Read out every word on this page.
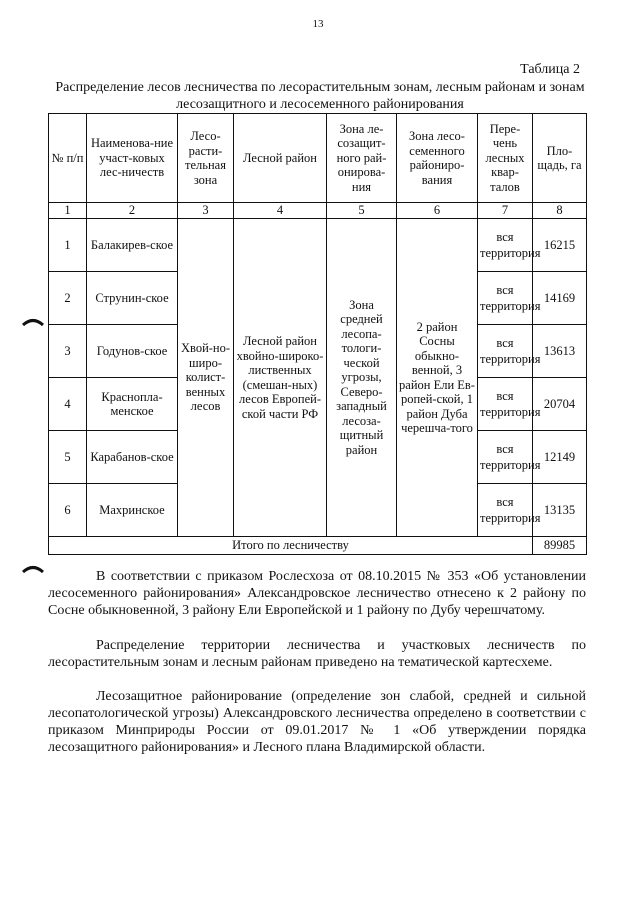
13
Таблица 2
Распределение лесов лесничества по лесорастительным зонам, лесным районам и зонам лесозащитного и лесосеменного районирования
№ п/п	Наименова-ние участ-ковых лес-ничеств	Лесо-расти-тельная зона	Лесной район	Зона ле-созащит-ного рай-онирова-ния	Зона лесо-семенного райониро-вания	Пере-чень лесных квар-талов	Пло-щадь, га
1	2	3	4	5	6	7	8
1	Балакирев-ское	Хвой-но-широ-колист-венных лесов	Лесной район хвойно-широко-лиственных (смешан-ных) лесов Европей-ской части РФ	Зона средней лесопа-тологи-ческой угрозы, Северо-западный лесоза-щитный район	2 район Сосны обыкно-венной, 3 район Ели Ев-ропей-ской, 1 район Дуба черешча-того	вся территория	16215
2	Струнин-ское					вся территория	14169
3	Годунов-ское					вся территория	13613
4	Краснопла-менское					вся территория	20704
5	Карабанов-ское					вся территория	12149
6	Махринское					вся территория	13135
Итого по лесничеству							89985
В соответствии с приказом Рослесхоза от 08.10.2015 № 353 «Об установлении лесосеменного районирования» Александровское лесничество отнесено к 2 району по Сосне обыкновенной, 3 району Ели Европейской и 1 району по Дубу черешчатому.
Распределение территории лесничества и участковых лесничеств по лесорастительным зонам и лесным районам приведено на тематической картесхеме.
Лесозащитное районирование (определение зон слабой, средней и сильной лесопатологической угрозы) Александровского лесничества определено в соответствии с приказом Минприроды России от 09.01.2017 № 1 «Об утверждении порядка лесозащитного районирования» и Лесного плана Владимирской области.
